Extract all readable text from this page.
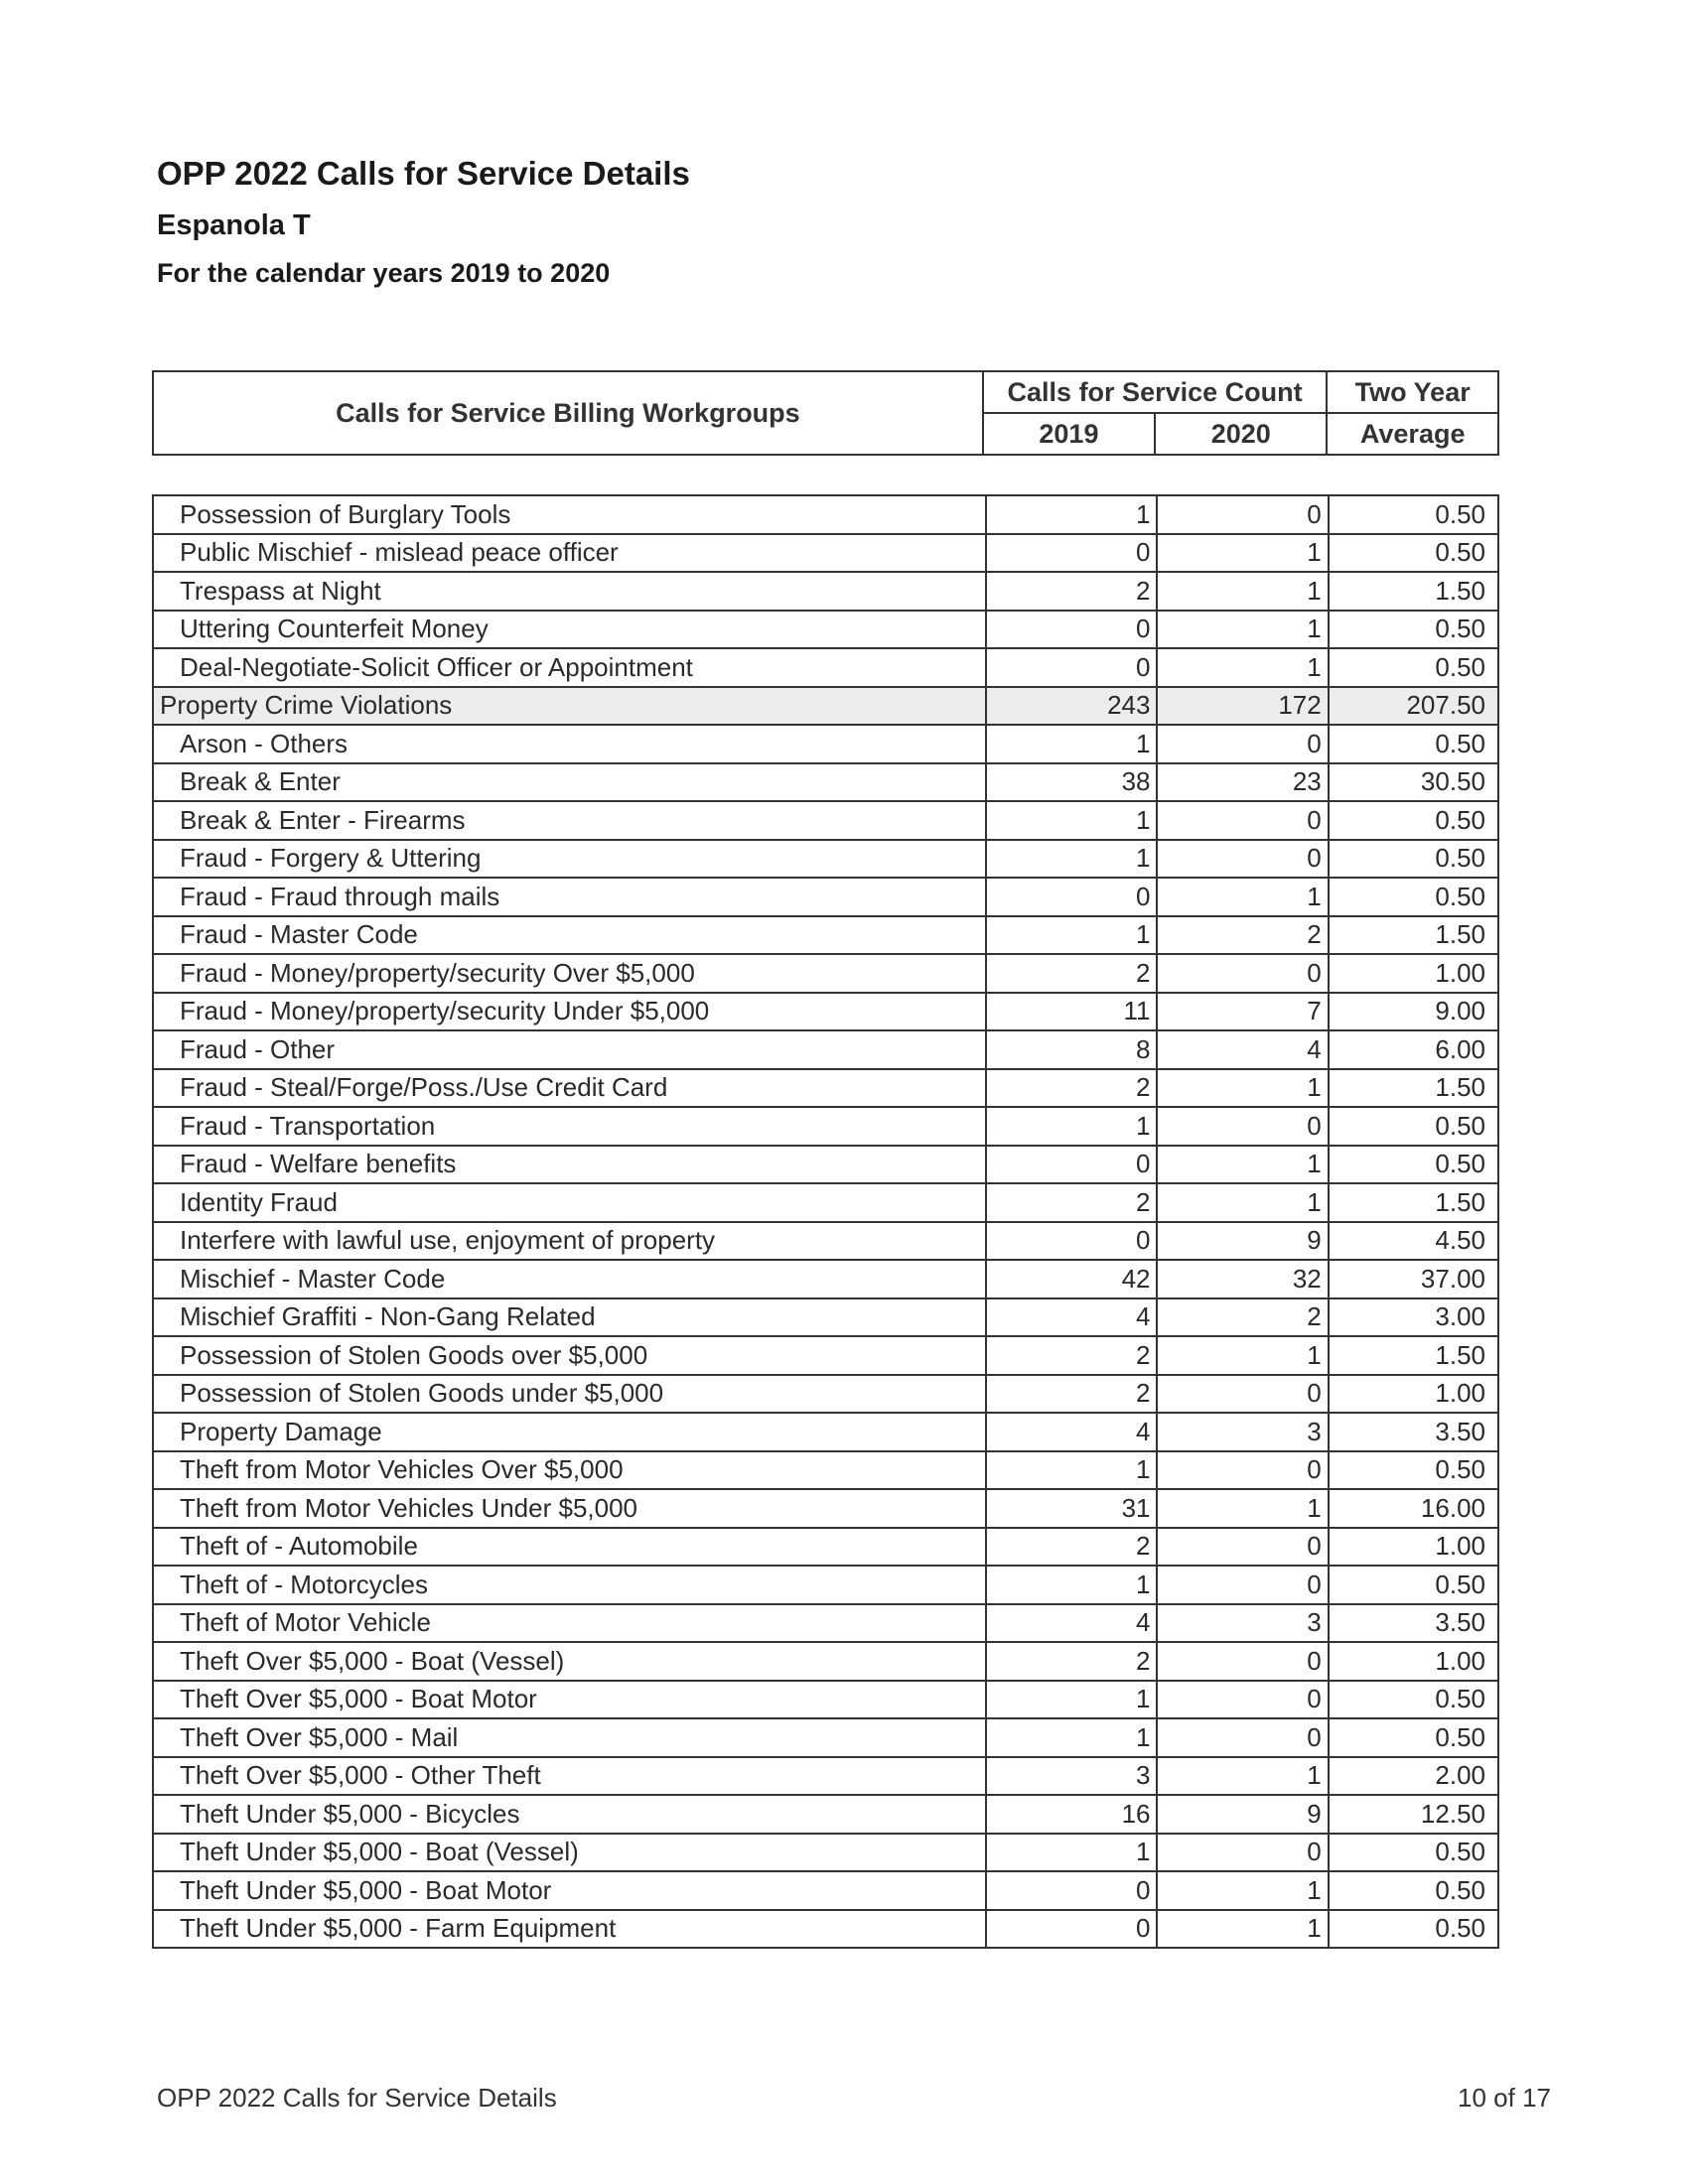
OPP 2022 Calls for Service Details
Espanola T
For the calendar years 2019 to 2020
Calls for Service Billing Workgroups	Calls for Service Count		Two Year
	2019	2020	Average
Possession of Burglary Tools	1	0	0.50
Public Mischief - mislead peace officer	0	1	0.50
Trespass at Night	2	1	1.50
Uttering Counterfeit Money	0	1	0.50
Deal-Negotiate-Solicit Officer or Appointment	0	1	0.50
Property Crime Violations	243	172	207.50
Arson - Others	1	0	0.50
Break & Enter	38	23	30.50
Break & Enter - Firearms	1	0	0.50
Fraud - Forgery & Uttering	1	0	0.50
Fraud - Fraud through mails	0	1	0.50
Fraud - Master Code	1	2	1.50
Fraud - Money/property/security Over $5,000	2	0	1.00
Fraud - Money/property/security Under $5,000	11	7	9.00
Fraud - Other	8	4	6.00
Fraud - Steal/Forge/Poss./Use Credit Card	2	1	1.50
Fraud - Transportation	1	0	0.50
Fraud - Welfare benefits	0	1	0.50
Identity Fraud	2	1	1.50
Interfere with lawful use, enjoyment of property	0	9	4.50
Mischief - Master Code	42	32	37.00
Mischief Graffiti - Non-Gang Related	4	2	3.00
Possession of Stolen Goods over $5,000	2	1	1.50
Possession of Stolen Goods under $5,000	2	0	1.00
Property Damage	4	3	3.50
Theft from Motor Vehicles Over $5,000	1	0	0.50
Theft from Motor Vehicles Under $5,000	31	1	16.00
Theft of - Automobile	2	0	1.00
Theft of - Motorcycles	1	0	0.50
Theft of Motor Vehicle	4	3	3.50
Theft Over $5,000 - Boat (Vessel)	2	0	1.00
Theft Over $5,000 - Boat Motor	1	0	0.50
Theft Over $5,000 - Mail	1	0	0.50
Theft Over $5,000 - Other Theft	3	1	2.00
Theft Under $5,000 - Bicycles	16	9	12.50
Theft Under $5,000 - Boat (Vessel)	1	0	0.50
Theft Under $5,000 - Boat Motor	0	1	0.50
Theft Under $5,000 - Farm Equipment	0	1	0.50
OPP 2022 Calls for Service Details	10 of 17
